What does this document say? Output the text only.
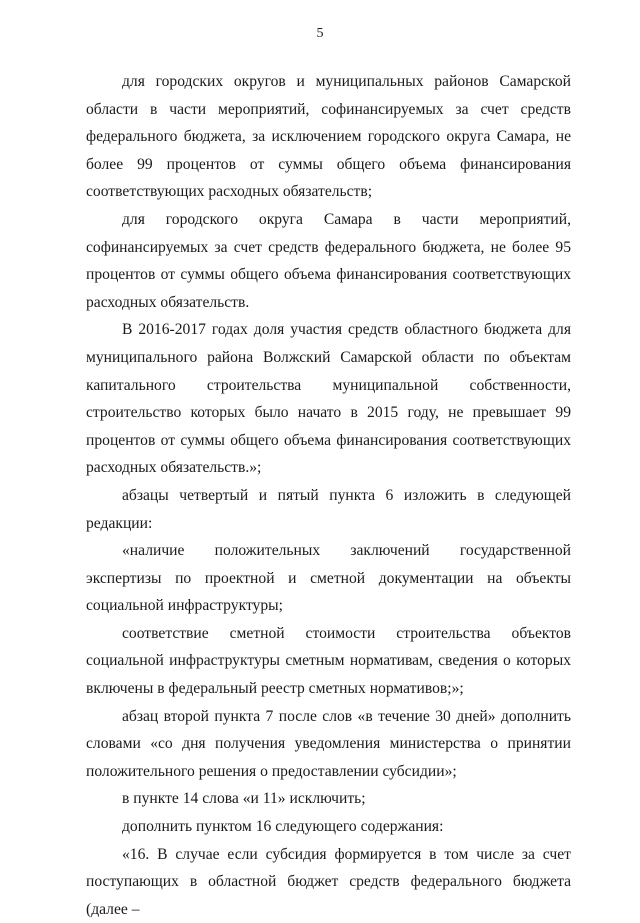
5

для городских округов и муниципальных районов Самарской области в части мероприятий, софинансируемых за счет средств федерального бюджета, за исключением городского округа Самара, не более 99 процентов от суммы общего объема финансирования соответствующих расходных обязательств;

для городского округа Самара в части мероприятий, софинансируемых за счет средств федерального бюджета, не более 95 процентов от суммы общего объема финансирования соответствующих расходных обязательств.

В 2016-2017 годах доля участия средств областного бюджета для муниципального района Волжский Самарской области по объектам капитального строительства муниципальной собственности, строительство которых было начато в 2015 году, не превышает 99 процентов от суммы общего объема финансирования соответствующих расходных обязательств.»;

абзацы четвертый и пятый пункта 6 изложить в следующей редакции:

«наличие положительных заключений государственной экспертизы по проектной и сметной документации на объекты социальной инфраструктуры;

соответствие сметной стоимости строительства объектов социальной инфраструктуры сметным нормативам, сведения о которых включены в федеральный реестр сметных нормативов;»;

абзац второй пункта 7 после слов «в течение 30 дней» дополнить словами «со дня получения уведомления министерства о принятии положительного решения о предоставлении субсидии»;

в пункте 14 слова «и 11» исключить;

дополнить пунктом 16 следующего содержания:

«16. В случае если субсидия формируется в том числе за счет поступающих в областной бюджет средств федерального бюджета (далее –
